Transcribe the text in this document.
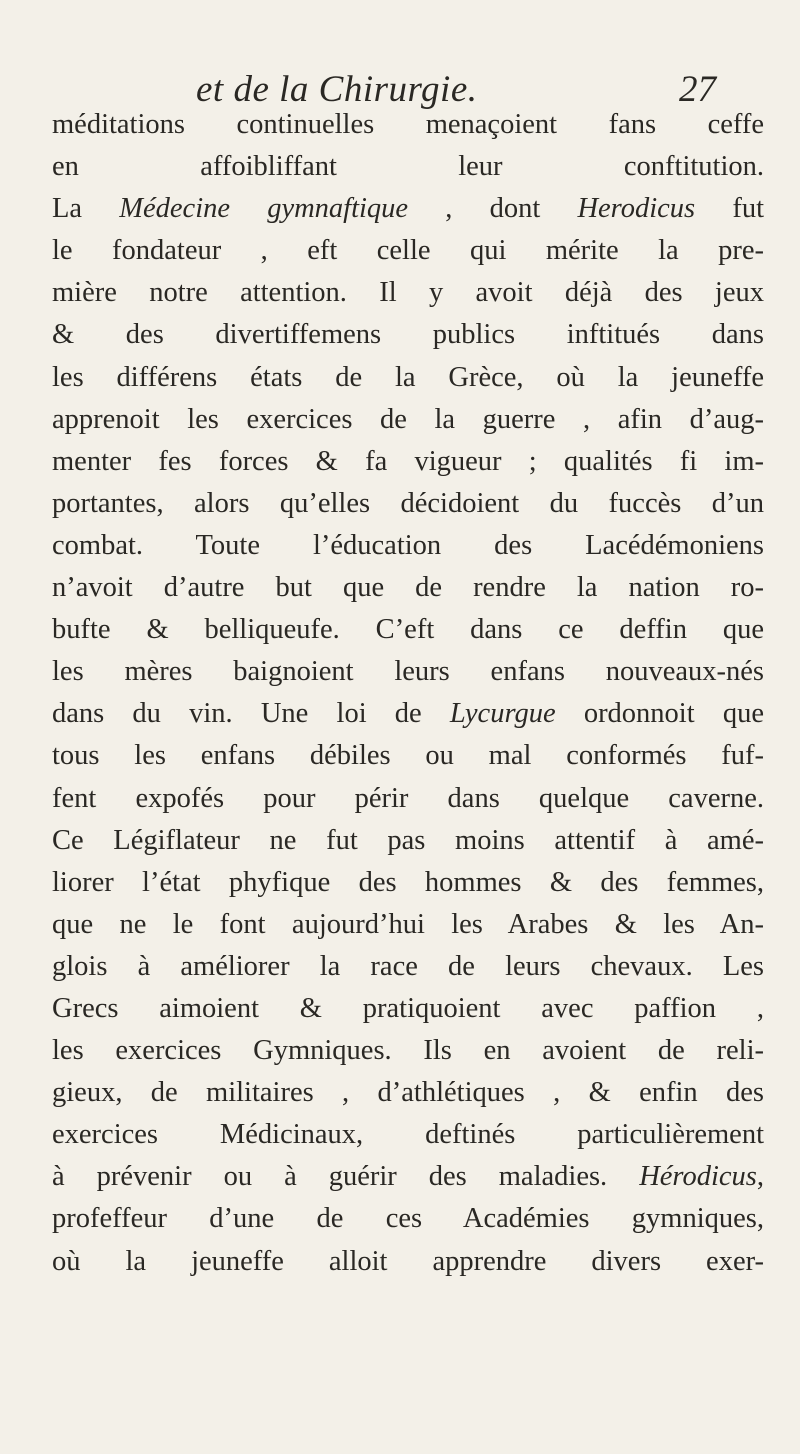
et de la Chirurgie.	27
méditations continuelles menaçoient fans ceffe
en affoibliffant leur conftitution.
La Médecine gymnaftique , dont Herodicus fut
le fondateur , eft celle qui mérite la pre-
mière notre attention. Il y avoit déjà des jeux
& des divertiffemens publics inftitués dans
les différens états de la Grèce, où la jeuneffe
apprenoit les exercices de la guerre , afin d’aug-
menter fes forces & fa vigueur ; qualités fi im-
portantes, alors qu’elles décidoient du fuccès d’un
combat. Toute l’éducation des Lacédémoniens
n’avoit d’autre but que de rendre la nation ro-
bufte & belliqueufe. C’eft dans ce deffin que
les mères baignoient leurs enfans nouveaux-nés
dans du vin. Une loi de Lycurgue ordonnoit que
tous les enfans débiles ou mal conformés fuf-
fent expofés pour périr dans quelque caverne.
Ce Légiflateur ne fut pas moins attentif à amé-
liorer l’état phyfique des hommes & des femmes,
que ne le font aujourd’hui les Arabes & les An-
glois à améliorer la race de leurs chevaux. Les
Grecs aimoient & pratiquoient avec paffion ,
les exercices Gymniques. Ils en avoient de reli-
gieux, de militaires , d’athlétiques , & enfin des
exercices Médicinaux, deftinés particulièrement
à prévenir ou à guérir des maladies. Hérodicus,
profeffeur d’une de ces Académies gymniques,
où la jeuneffe alloit apprendre divers exer-
